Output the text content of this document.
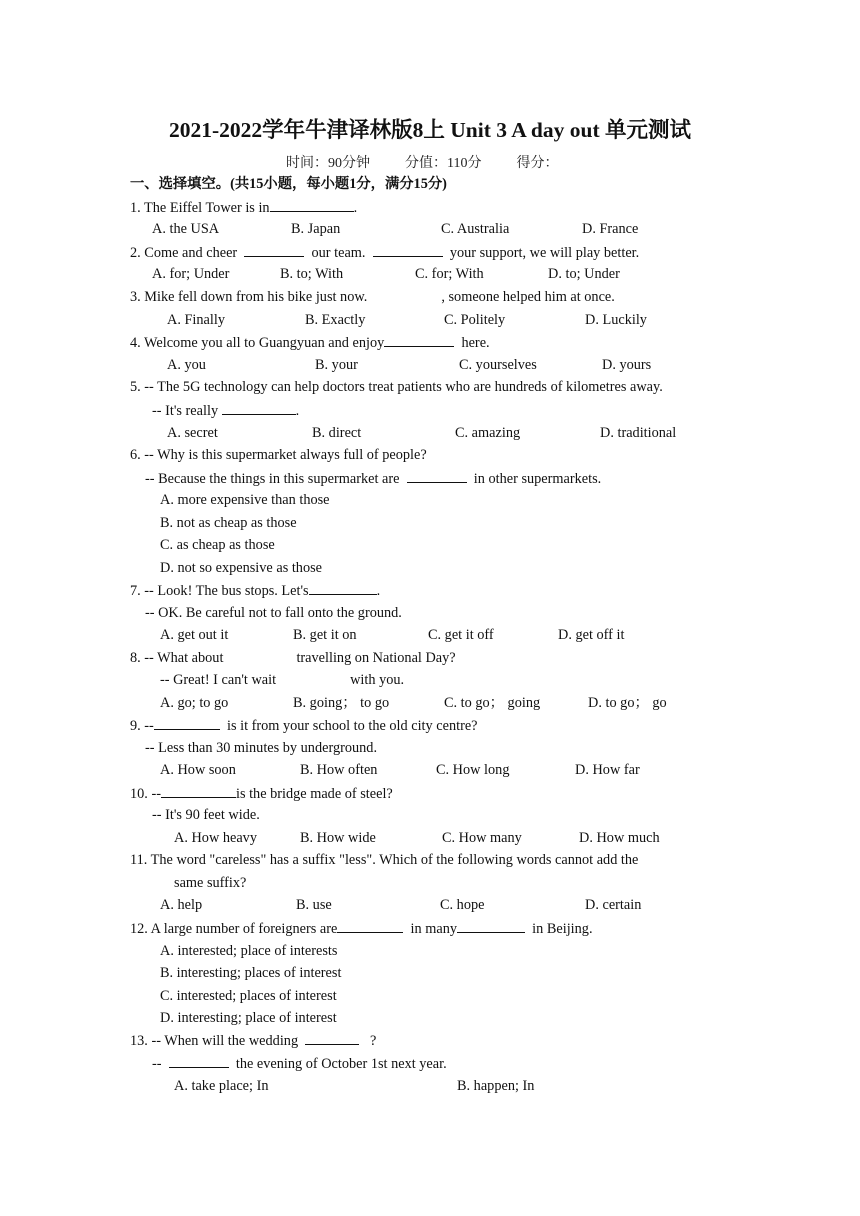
2021-2022学年牛津译林版8上 Unit 3 A day out 单元测试
时间：90分钟	分值：110分	得分：
一、选择填空。(共15小题，每小题1分，满分15分)
1. The Eiffel Tower is in	.
A. the USA	B. Japan	C. Australia	D. France
2. Come and cheer	our team.	your support, we will play better.
A. for; Under	B. to; With	C. for; With	D. to; Under
3. Mike fell down from his bike just now.	, someone helped him at once.
A. Finally	B. Exactly	C. Politely	D. Luckily
4. Welcome you all to Guangyuan and enjoy	here.
A. you	B. your	C. yourselves	D. yours
5. -- The 5G technology can help doctors treat patients who are hundreds of kilometres away.
-- It's really	.
A. secret	B. direct	C. amazing	D. traditional
6. -- Why is this supermarket always full of people?
-- Because the things in this supermarket are	in other supermarkets.
A. more expensive than those
B. not as cheap as those
C. as cheap as those
D. not so expensive as those
7. -- Look! The bus stops. Let's	.
-- OK. Be careful not to fall onto the ground.
A. get out it	B. get it on	C. get it off	D. get off it
8. -- What about	travelling on National Day?
-- Great! I can't wait	with you.
A. go; to go	B. going； to go	C. to go； going	D. to go； go
9. --	is it from your school to the old city centre?
-- Less than 30 minutes by underground.
A. How soon	B. How often	C. How long	D. How far
10. --	is the bridge made of steel?
-- It's 90 feet wide.
A. How heavy	B. How wide	C. How many	D. How much
11. The word "careless" has a suffix "less". Which of the following words cannot add the
same suffix?
A. help	B. use	C. hope	D. certain
12. A large number of foreigners are	in many	in Beijing.
A. interested; place of interests
B. interesting; places of interest
C. interested; places of interest
D. interesting; place of interest
13. -- When will the wedding	?
--	the evening of October 1st next year.
A. take place; In	B. happen; In
